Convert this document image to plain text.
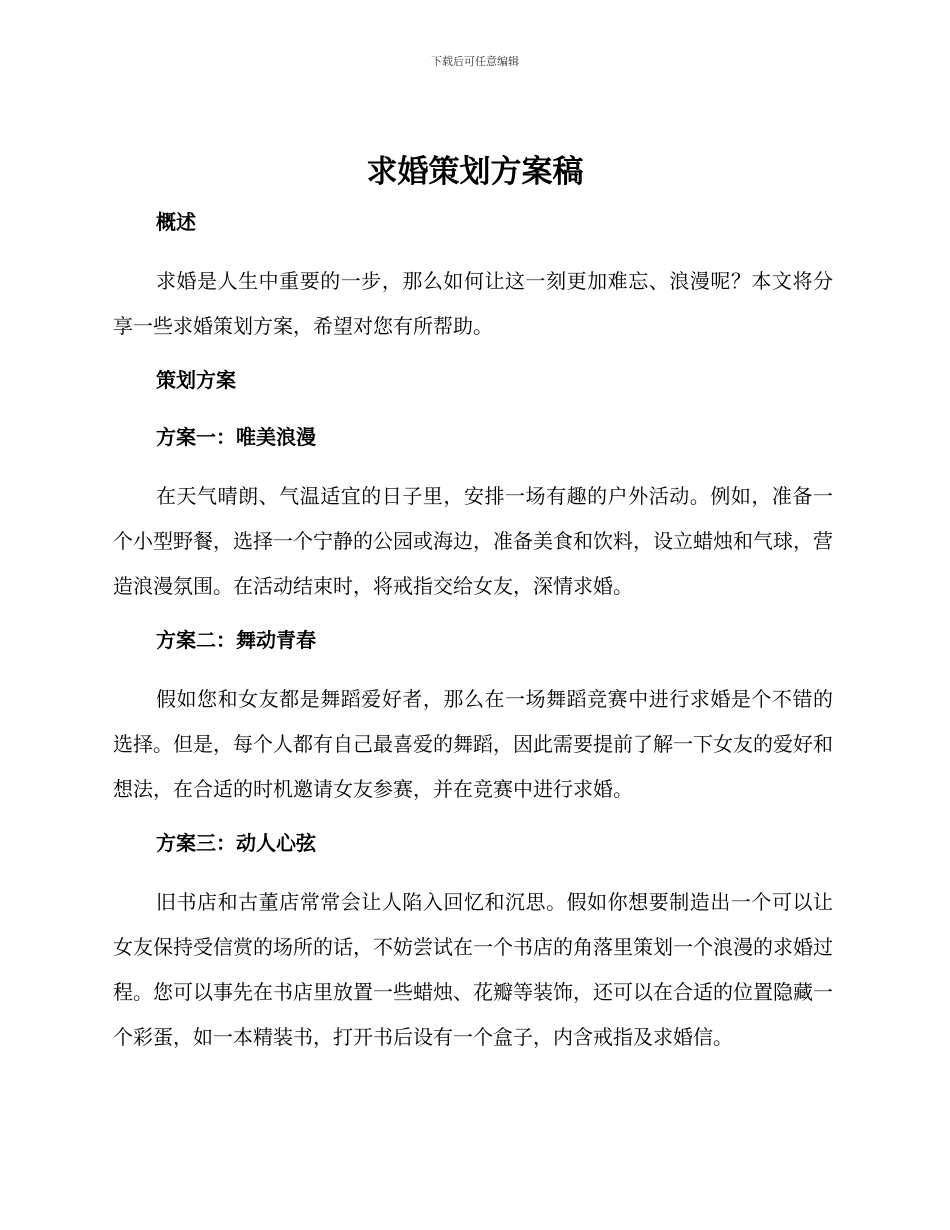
下载后可任意编辑
求婚策划方案稿
概述

求婚是人生中重要的一步，那么如何让这一刻更加难忘、浪漫呢？本文将分享一些求婚策划方案，希望对您有所帮助。

策划方案
方案一：唯美浪漫

在天气晴朗、气温适宜的日子里，安排一场有趣的户外活动。例如，准备一个小型野餐，选择一个宁静的公园或海边，准备美食和饮料，设立蜡烛和气球，营造浪漫氛围。在活动结束时，将戒指交给女友，深情求婚。

方案二：舞动青春

假如您和女友都是舞蹈爱好者，那么在一场舞蹈竞赛中进行求婚是个不错的选择。但是，每个人都有自己最喜爱的舞蹈，因此需要提前了解一下女友的爱好和想法，在合适的时机邀请女友参赛，并在竞赛中进行求婚。

方案三：动人心弦

旧书店和古董店常常会让人陷入回忆和沉思。假如你想要制造出一个可以让女友保持受信赏的场所的话，不妨尝试在一个书店的角落里策划一个浪漫的求婚过程。您可以事先在书店里放置一些蜡烛、花瓣等装饰，还可以在合适的位置隐藏一个彩蛋，如一本精装书，打开书后设有一个盒子，内含戒指及求婚信。
